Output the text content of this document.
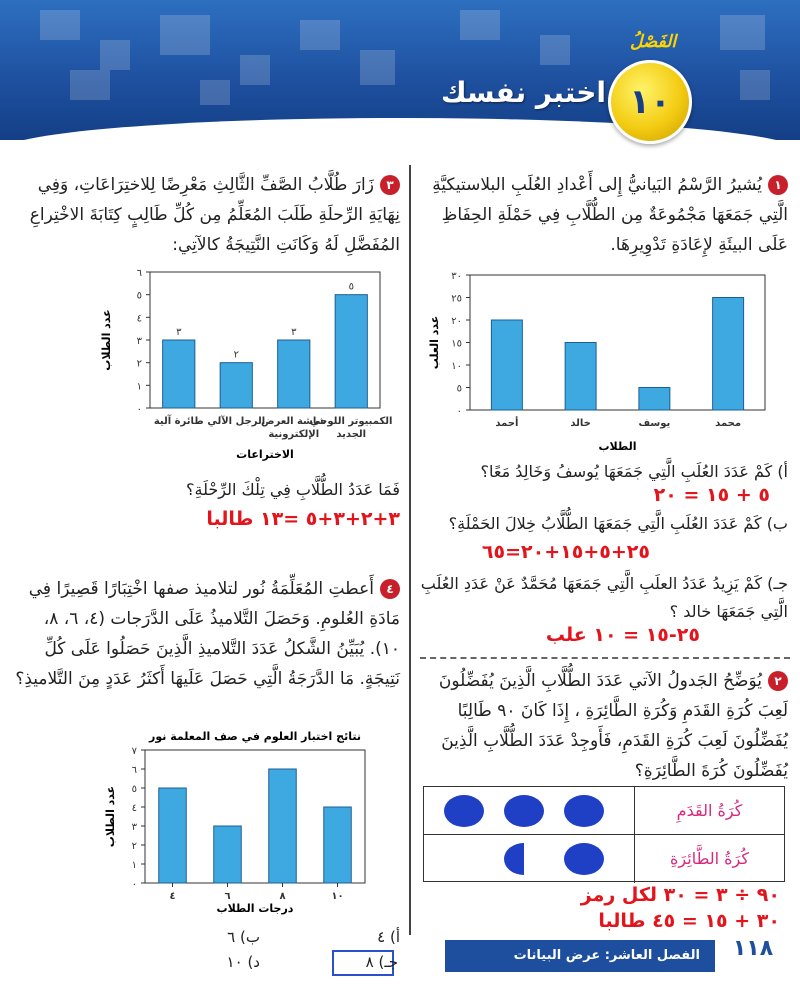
الفَصْلُ
١٠
اختبر نفسك
١يُشيرُ الرَّسْمُ البَيانيُّ إِلى أَعْدادِ العُلَبِ البلاستيكيَّةِ الَّتِي جَمَعَهَا مَجْمُوعَةٌ مِن الطُّلَّابِ فِي حَمْلَةِ الحِفَاظِ عَلَى البيئَةِ لإِعَادَةِ تَدْوِيرِهَا.
٠
٥
١٠
١٥
٢٠
٢٥
٣٠
أحمد	خالد	يوسف	محمد
عدد العلب
الطلاب
أ) كَمْ عَدَدَ العُلَبِ الَّتِي جَمَعَهَا يُوسفُ وَخَالِدُ مَعًا؟
٥ + ١٥ = ٢٠
ب) كَمْ عَدَدَ العُلَبِ الَّتِي جَمَعَهَا الطُّلَّابُ خِلالَ الحَمْلَةِ؟
٢٥+٥+١٥+٢٠=٦٥
جـ) كَمْ يَزِيدُ عَدَدُ العلَبِ الَّتِي جَمَعَهَا مُحَمَّدٌ عَنْ عَدَدِ العُلَبِ الَّتِي جَمَعَهَا خالد ؟
٢٥-١٥ = ١٠ علب
٢يُوَضِّحُ الجَدولُ الآتي عَدَدَ الطُّلَّابِ الَّذِينَ يُفَضِّلُونَ لَعِبَ كُرَةِ القَدَمِ وَكُرَةِ الطَّائِرَةِ ، إِذَا كَانَ ٩٠ طَالِبًا يُفَضِّلُونَ لَعِبَ كُرَةِ القَدَمِ، فَأَوجِدْ عَدَدَ الطُّلَّابِ الَّذِينَ يُفَضِّلُونَ كُرَةَ الطَّائِرَةِ؟
كُرَةُ القَدَمِ
كُرَةُ الطَّائِرَةِ
٩٠ ÷ ٣ = ٣٠ لكل رمز
٣٠ + ١٥ = ٤٥ طالبا
٣زَارَ طُلَّابُ الصَّفِّ الثَّالِثِ مَعْرِضًا لِلاختِرَاعَاتِ، وَفِي نِهَايَةِ الرِّحلَةِ طَلَبَ المُعَلِّمُ مِن كُلِّ طَالِبٍ كِتَابَةَ الاخْتِراعِ المُفَضَّلِ لَهُ وَكَانَتِ النَّتِيجَةُ كالآتِي:
٠
١
٢
٣
٤
٥
٦
٣
طائرة آلية
٢
الرجل الآلي
٣
شاشة العرض
الإلكترونية
٥
الكمبيوتر اللوحي
الجديد
عدد الطلاب
الاختراعات
فَمَا عَدَدُ الطُّلَّابِ فِي تِلْكَ الرِّحْلَةِ؟
٣+٢+٣+٥ =١٣ طالبا
٤أَعطتِ المُعَلِّمَةُ نُور لتلاميذ صفها اخْتِبَارًا قَصِيرًا فِي مَادَةِ العُلومِ. وَحَصَلَ التَّلاميذُ عَلَى الدَّرَجات (٤، ٦، ٨، ١٠). يُبَيِّنُ الشَّكلُ عَدَدَ التَّلاميذِ الَّذِينَ حَصَلُوا عَلَى كُلِّ نَتِيجَةٍ. مَا الدَّرَجَةُ الَّتِي حَصَلَ عَلَيهَا أَكثَرُ عَدَدٍ مِنَ التَّلاميذِ؟
٠
١
٢
٣
٤
٥
٦
٧
٤	٦	٨	١٠
عدد الطلاب
درجات الطلاب
نتائج اختبار العلوم في صف المعلمة نور
أ) ٤
ب) ٦
جـ) ٨
د) ١٠	الفصل العاشر: عرض البيانات وتفسيرها
١١٨
